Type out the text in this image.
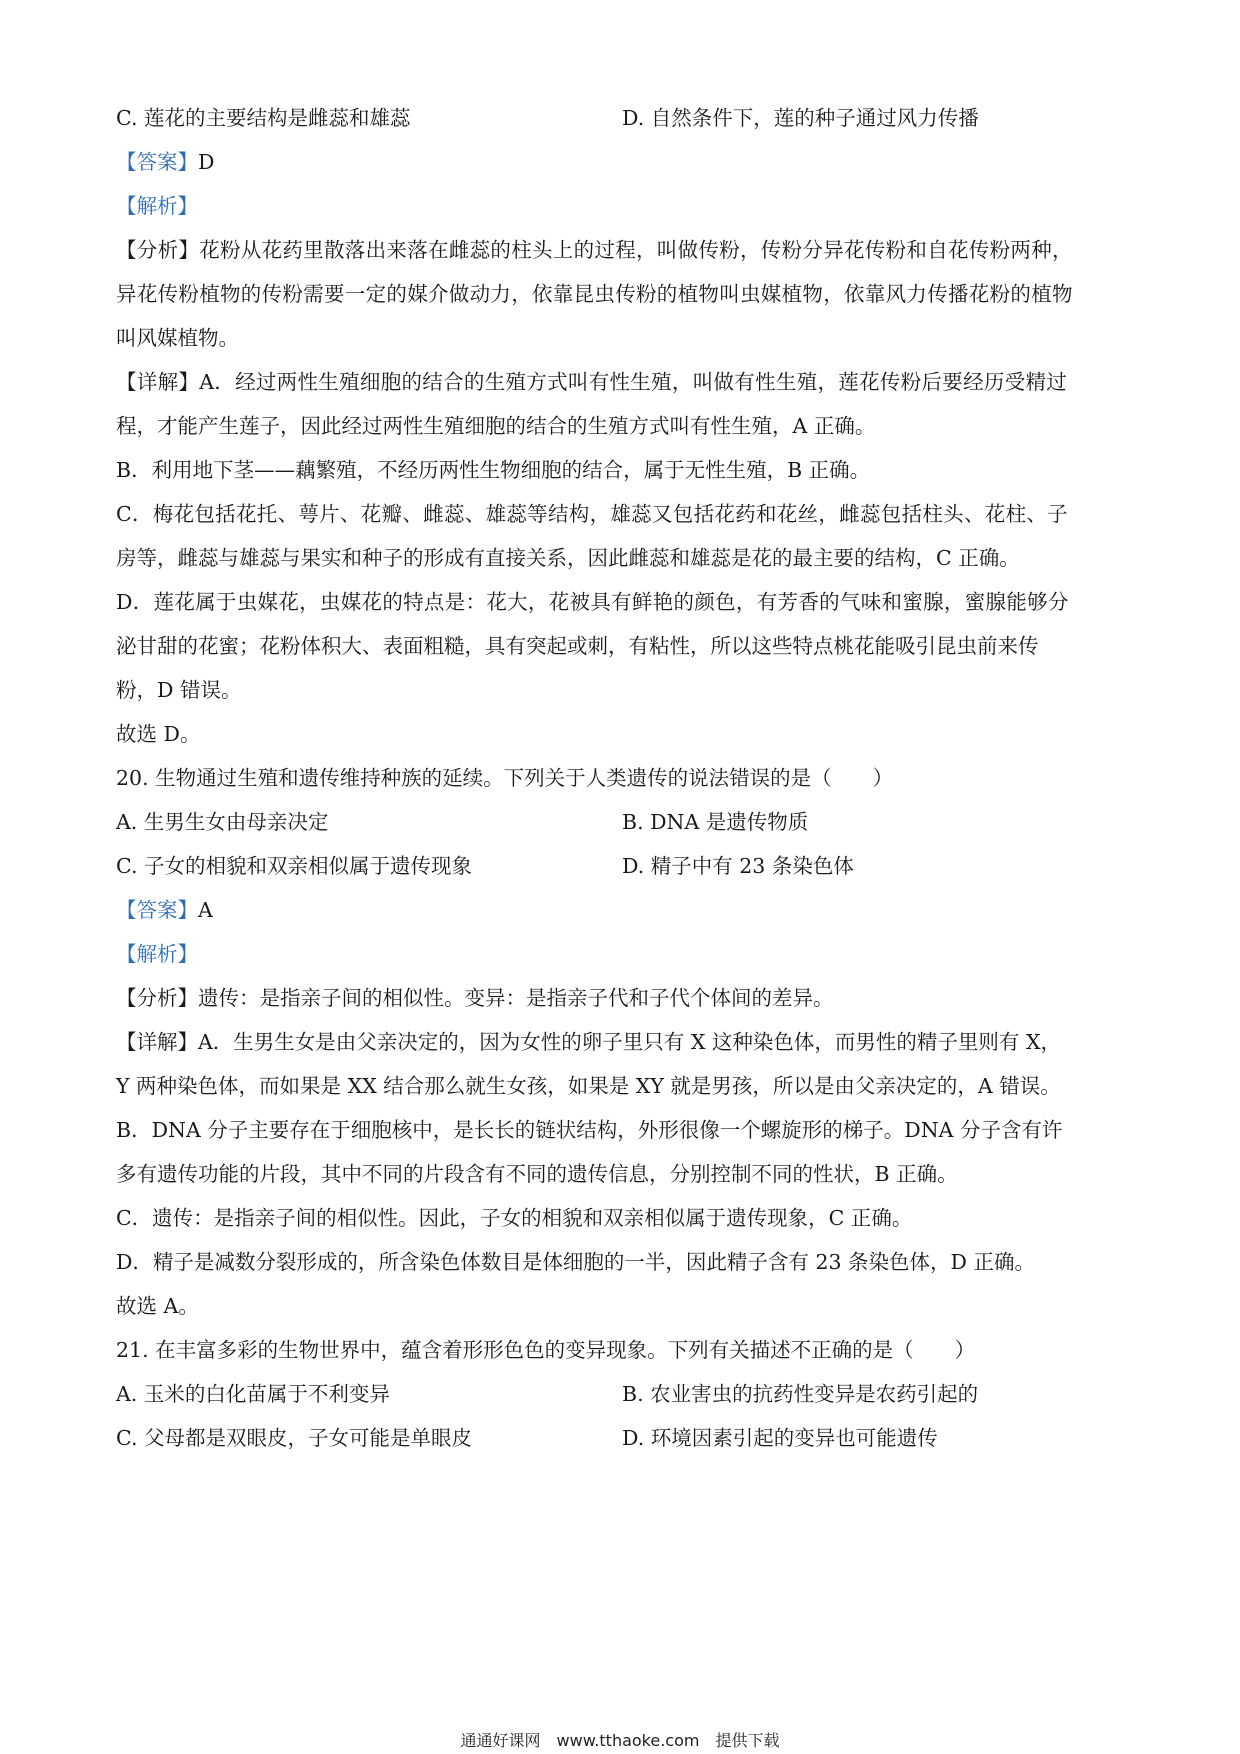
C. 莲花的主要结构是雌蕊和雄蕊	D. 自然条件下，莲的种子通过风力传播
【答案】D
【解析】
【分析】花粉从花药里散落出来落在雌蕊的柱头上的过程，叫做传粉，传粉分异花传粉和自花传粉两种，
异花传粉植物的传粉需要一定的媒介做动力，依靠昆虫传粉的植物叫虫媒植物，依靠风力传播花粉的植物
叫风媒植物。
【详解】A．经过两性生殖细胞的结合的生殖方式叫有性生殖，叫做有性生殖，莲花传粉后要经历受精过
程，才能产生莲子，因此经过两性生殖细胞的结合的生殖方式叫有性生殖，A 正确。
B．利用地下茎——藕繁殖，不经历两性生物细胞的结合，属于无性生殖，B 正确。
C．梅花包括花托、萼片、花瓣、雌蕊、雄蕊等结构，雄蕊又包括花药和花丝，雌蕊包括柱头、花柱、子
房等，雌蕊与雄蕊与果实和种子的形成有直接关系，因此雌蕊和雄蕊是花的最主要的结构，C 正确。
D．莲花属于虫媒花，虫媒花的特点是：花大，花被具有鲜艳的颜色，有芳香的气味和蜜腺，蜜腺能够分
泌甘甜的花蜜；花粉体积大、表面粗糙，具有突起或刺，有粘性，所以这些特点桃花能吸引昆虫前来传
粉，D 错误。
故选 D。
20. 生物通过生殖和遗传维持种族的延续。下列关于人类遗传的说法错误的是（　　）
A. 生男生女由母亲决定	B. DNA 是遗传物质
C. 子女的相貌和双亲相似属于遗传现象	D. 精子中有 23 条染色体
【答案】A
【解析】
【分析】遗传：是指亲子间的相似性。变异：是指亲子代和子代个体间的差异。
【详解】A．生男生女是由父亲决定的，因为女性的卵子里只有 X 这种染色体，而男性的精子里则有 X，
Y 两种染色体，而如果是 XX 结合那么就生女孩，如果是 XY 就是男孩，所以是由父亲决定的，A 错误。
B．DNA 分子主要存在于细胞核中，是长长的链状结构，外形很像一个螺旋形的梯子。DNA 分子含有许
多有遗传功能的片段，其中不同的片段含有不同的遗传信息，分别控制不同的性状，B 正确。
C．遗传：是指亲子间的相似性。因此，子女的相貌和双亲相似属于遗传现象，C 正确。
D．精子是减数分裂形成的，所含染色体数目是体细胞的一半，因此精子含有 23 条染色体，D 正确。
故选 A。
21. 在丰富多彩的生物世界中，蕴含着形形色色的变异现象。下列有关描述不正确的是（　　）
A. 玉米的白化苗属于不利变异	B. 农业害虫的抗药性变异是农药引起的
C. 父母都是双眼皮，子女可能是单眼皮	D. 环境因素引起的变异也可能遗传
通通好课网　www.tthaoke.com　提供下载
